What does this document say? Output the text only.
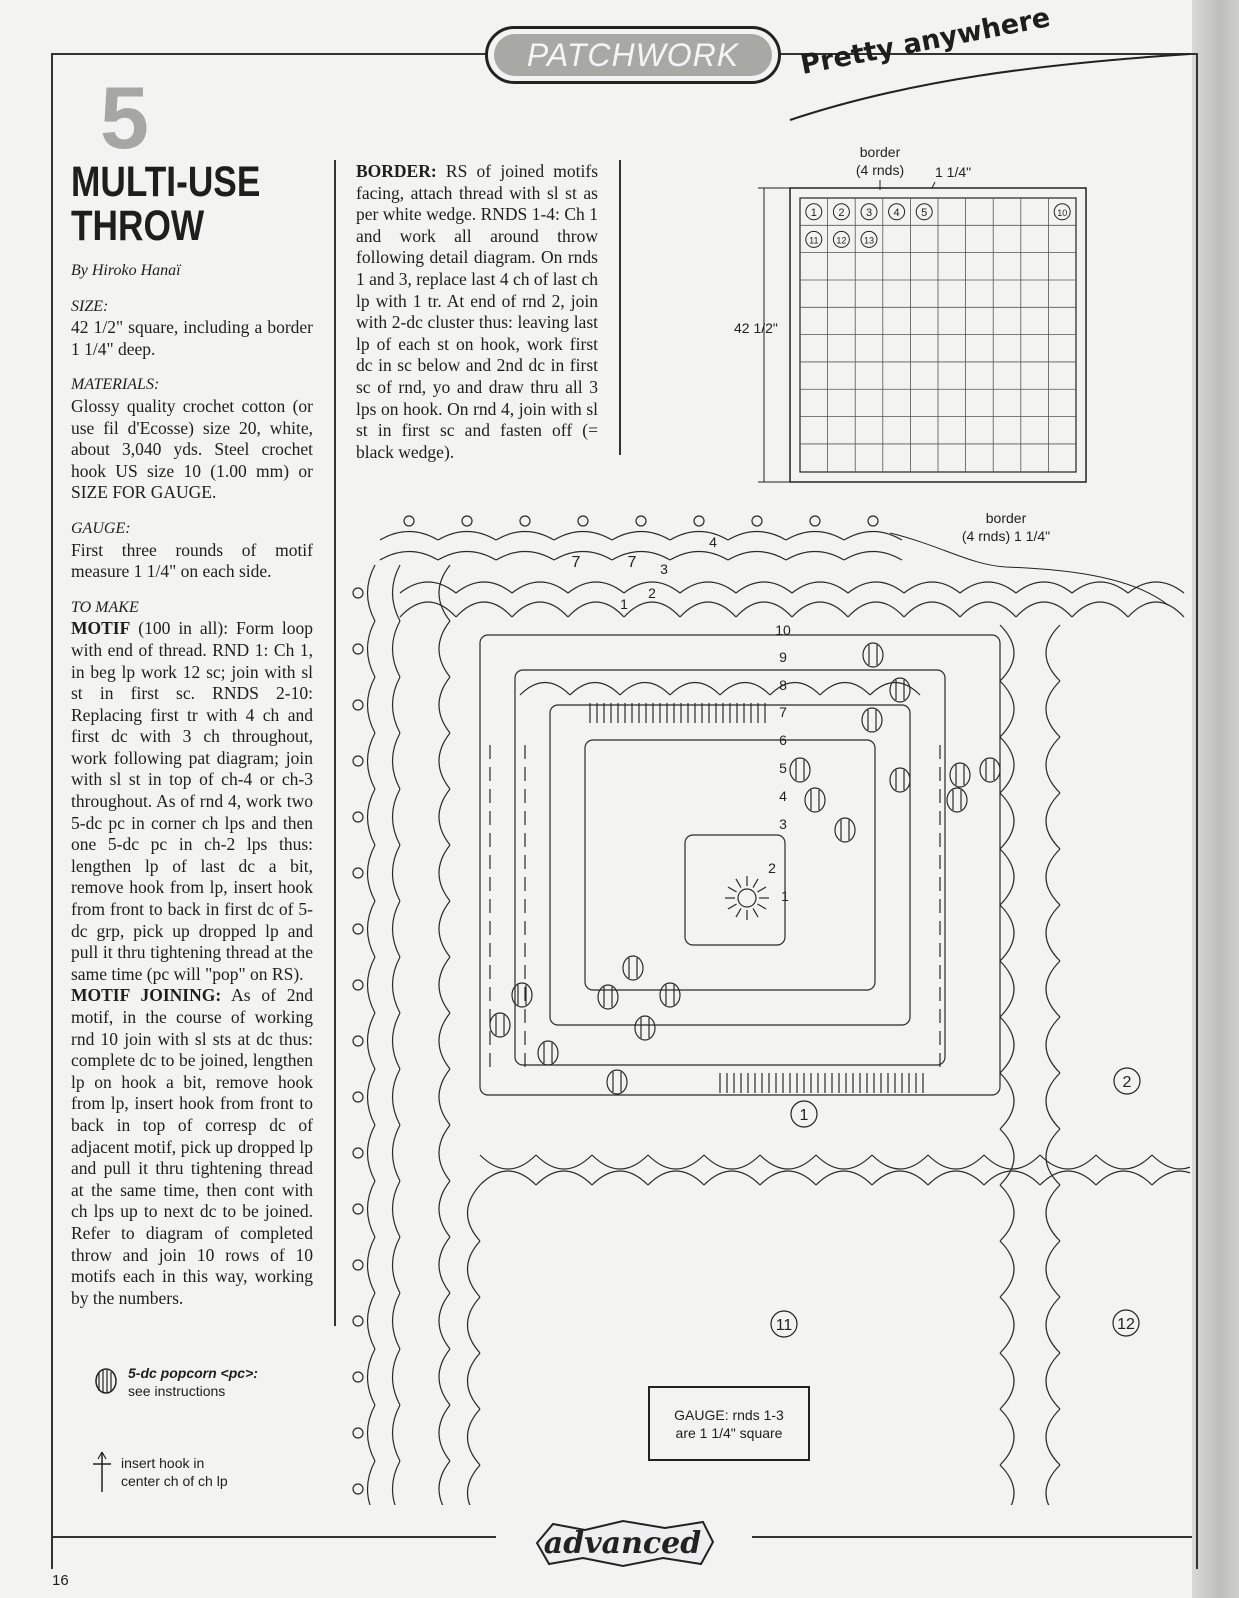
PATCHWORK	Pretty anywhere
5
MULTI-USE
THROW

By Hiroko Hanaï

SIZE:

42 1/2" square, including a border 1 1/4" deep.

MATERIALS:

Glossy quality crochet cotton (or use fil d'Ecosse) size 20, white, about 3,040 yds. Steel crochet hook US size 10 (1.00 mm) or SIZE FOR GAUGE.

GAUGE:

First three rounds of motif measure 1 1/4" on each side.

TO MAKE

MOTIF (100 in all): Form loop with end of thread. RND 1: Ch 1, in beg lp work 12 sc; join with sl st in first sc. RNDS 2-10: Replacing first tr with 4 ch and first dc with 3 ch throughout, work following pat diagram; join with sl st in top of ch-4 or ch-3 throughout. As of rnd 4, work two 5-dc pc in corner ch lps and then one 5-dc pc in ch-2 lps thus: lengthen lp of last dc a bit, remove hook from lp, insert hook from front to back in first dc of 5-dc grp, pick up dropped lp and pull it thru tightening thread at the same time (pc will "pop" on RS).

MOTIF JOINING: As of 2nd motif, in the course of working rnd 10 join with sl sts at dc thus: complete dc to be joined, lengthen lp on hook a bit, remove hook from lp, insert hook from front to back in top of corresp dc of adjacent motif, pick up dropped lp and pull it thru tightening thread at the same time, then cont with ch lps up to next dc to be joined. Refer to diagram of completed throw and join 10 rows of 10 motifs each in this way, working by the numbers.

BORDER: RS of joined motifs facing, attach thread with sl st as per white wedge. RNDS 1-4: Ch 1 and work all around throw following detail diagram. On rnds 1 and 3, replace last 4 ch of last ch lp with 1 tr. At end of rnd 2, join with 2-dc cluster thus: leaving last lp of each st on hook, work first dc in sc below and 2nd dc in first sc of rnd, yo and draw thru all 3 lps on hook. On rnd 4, join with sl st in first sc and fasten off (= black wedge).

5-dc popcorn <pc>:
see instructions
insert hook in
center ch of ch lp
border
(4 rnds) 1 1/4"
1 2 3 4 5	10
11 12 13
42 1/2"
border
(4 rnds) 1 1/4"
10
9
8
7
6
5
4
3
2
1
4
3
2
1
7	7
1
2
11	12
GAUGE: rnds 1-3
are 1 1/4" square
advanced
16
